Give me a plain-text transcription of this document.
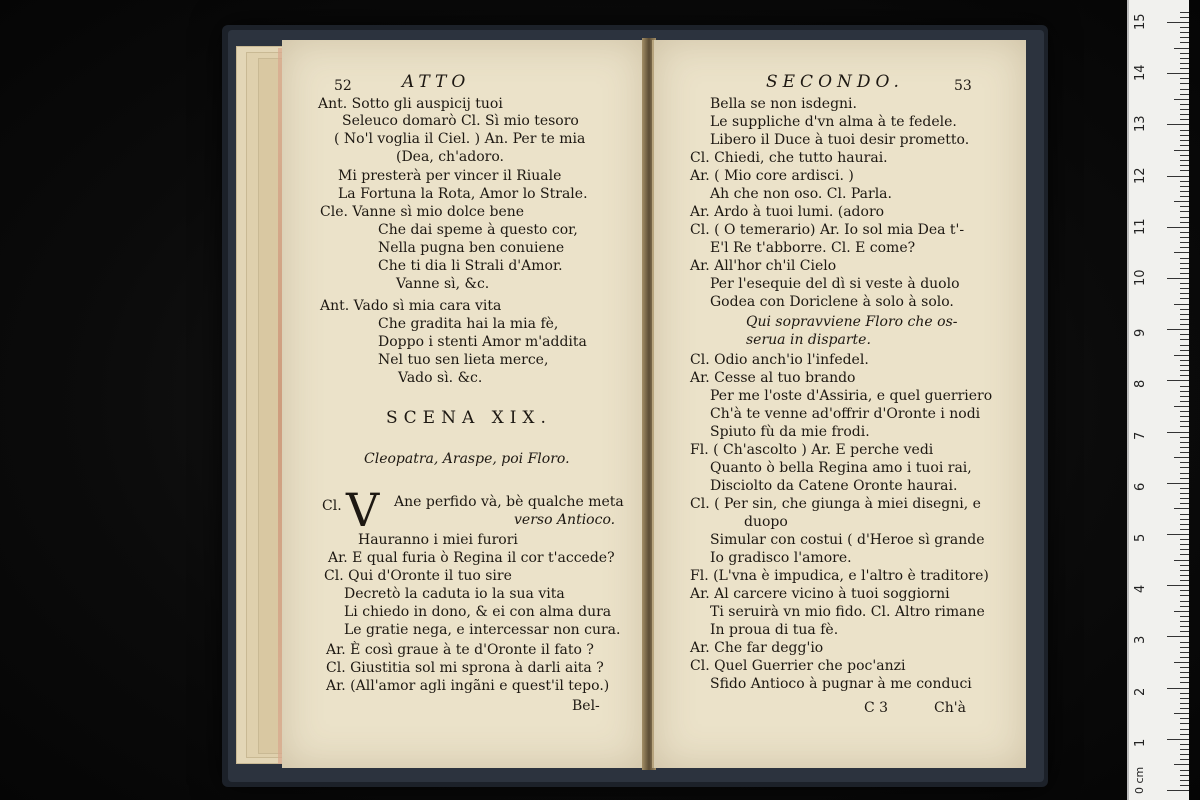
52	ATTO
Ant. Sotto gli auspicij tuoi
Seleuco domarò Cl. Sì mio tesoro
( No'l voglia il Ciel. ) An. Per te mia
(Dea, ch'adoro.
Mi presterà per vincer il Riuale
La Fortuna la Rota, Amor lo Strale.
Cle. Vanne sì mio dolce bene
Che dai speme à questo cor,
Nella pugna ben conuiene
Che ti dia li Strali d'Amor.
Vanne sì, &c.
Ant. Vado sì mia cara vita
Che gradita hai la mia fè,
Doppo i stenti Amor m'addita
Nel tuo sen lieta merce,
Vado sì. &c.
SCENA XIX.
Cleopatra, Araspe, poi Floro.
Cl. V Ane perfido và, bè qualche meta
verso Antioco.
Hauranno i miei furori
Ar. E qual furia ò Regina il cor t'accede?
Cl. Qui d'Oronte il tuo sire
Decretò la caduta io la sua vita
Li chiedo in dono, & ei con alma dura
Le gratie nega, e intercessar non cura.
Ar. È così graue à te d'Oronte il fato ?
Cl. Giustitia sol mi sprona à darli aita ?
Ar. (All'amor agli ingãni e quest'il tepo.)
Bel-
SECONDO.	53
Bella se non isdegni.
Le suppliche d'vn alma à te fedele.
Libero il Duce à tuoi desir prometto.
Cl. Chiedi, che tutto haurai.
Ar. ( Mio core ardisci. )
Ah che non oso. Cl. Parla.
Ar. Ardo à tuoi lumi. (adoro
Cl. ( O temerario) Ar. Io sol mia Dea t'-
E'l Re t'abborre. Cl. E come?
Ar. All'hor ch'il Cielo
Per l'esequie del dì si veste à duolo
Godea con Doriclene à solo à solo.
Qui sopravviene Floro che os-
serua in disparte.
Cl. Odio anch'io l'infedel.
Ar. Cesse al tuo brando
Per me l'oste d'Assiria, e quel guerriero
Ch'à te venne ad'offrir d'Oronte i nodi
Spiuto fù da mie frodi.
Fl. ( Ch'ascolto ) Ar. E perche vedi
Quanto ò bella Regina amo i tuoi rai,
Disciolto da Catene Oronte haurai.
Cl. ( Per sin, che giunga à miei disegni, e
duopo
Simular con costui ( d'Heroe sì grande
Io gradisco l'amore.
Fl. (L'vna è impudica, e l'altro è traditore)
Ar. Al carcere vicino à tuoi soggiorni
Ti seruirà vn mio fido. Cl. Altro rimane
In proua di tua fè.
Ar. Che far degg'io
Cl. Quel Guerrier che poc'anzi
Sfido Antioco à pugnar à me conduci
C 3	Ch'à
0 cm
1
2
3
4
5
6
7
8
9
10
11
12
13
14
15
